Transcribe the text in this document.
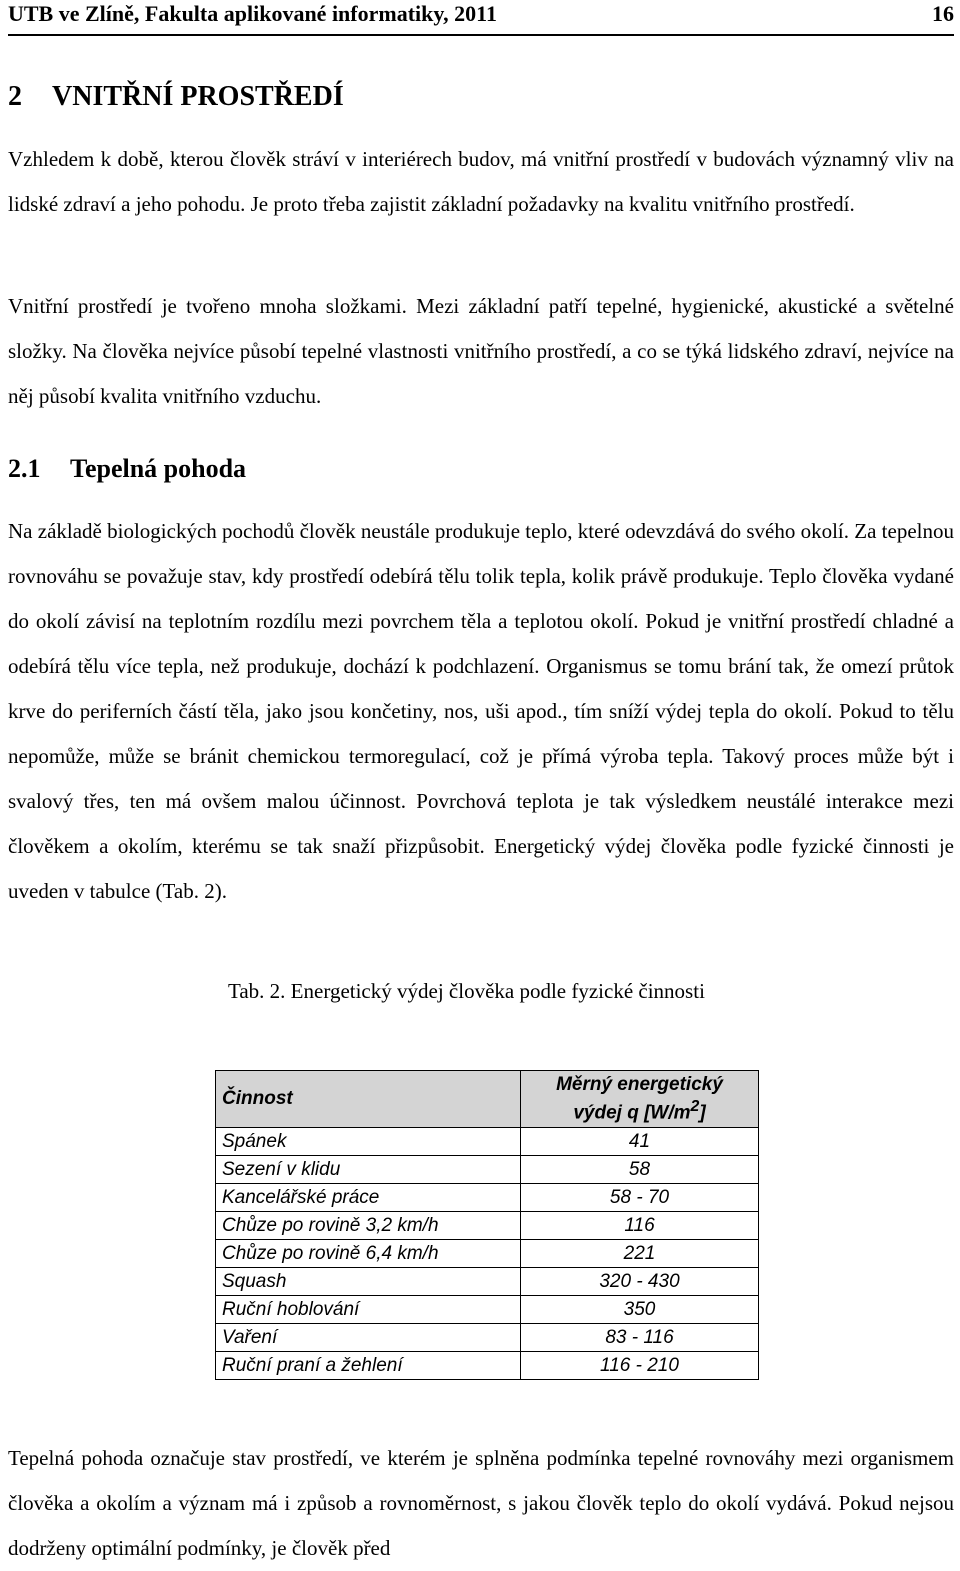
UTB ve Zlíně, Fakulta aplikované informatiky, 2011	16
2 VNITŘNÍ PROSTŘEDÍ

Vzhledem k době, kterou člověk stráví v interiérech budov, má vnitřní prostředí v budovách významný vliv na lidské zdraví a jeho pohodu. Je proto třeba zajistit základní požadavky na kvalitu vnitřního prostředí.

Vnitřní prostředí je tvořeno mnoha složkami. Mezi základní patří tepelné, hygienické, akustické a světelné složky. Na člověka nejvíce působí tepelné vlastnosti vnitřního prostředí, a co se týká lidského zdraví, nejvíce na něj působí kvalita vnitřního vzduchu.

2.1 Tepelná pohoda

Na základě biologických pochodů člověk neustále produkuje teplo, které odevzdává do svého okolí. Za tepelnou rovnováhu se považuje stav, kdy prostředí odebírá tělu tolik tepla, kolik právě produkuje. Teplo člověka vydané do okolí závisí na teplotním rozdílu mezi povrchem těla a teplotou okolí. Pokud je vnitřní prostředí chladné a odebírá tělu více tepla, než produkuje, dochází k podchlazení. Organismus se tomu brání tak, že omezí průtok krve do periferních částí těla, jako jsou končetiny, nos, uši apod., tím sníží výdej tepla do okolí. Pokud to tělu nepomůže, může se bránit chemickou termoregulací, což je přímá výroba tepla. Takový proces může být i svalový třes, ten má ovšem malou účinnost. Povrchová teplota je tak výsledkem neustálé interakce mezi člověkem a okolím, kterému se tak snaží přizpůsobit. Energetický výdej člověka podle fyzické činnosti je uveden v tabulce (Tab. 2).

Tab. 2. Energetický výdej člověka podle fyzické činnosti

Činnost	Měrný energetický
výdej q $[W/m^2]$
Spánek	41
Sezení v klidu	58
Kancelářské práce	58 - 70
Chůze po rovině 3,2 km/h	116
Chůze po rovině 6,4 km/h	221
Squash	320 - 430
Ruční hoblování	350
Vaření	83 - 116
Ruční praní a žehlení	116 - 210

Tepelná pohoda označuje stav prostředí, ve kterém je splněna podmínka tepelné rovnováhy mezi organismem člověka a okolím a význam má i způsob a rovnoměrnost, s jakou člověk teplo do okolí vydává. Pokud nejsou dodrženy optimální podmínky, je člověk před
